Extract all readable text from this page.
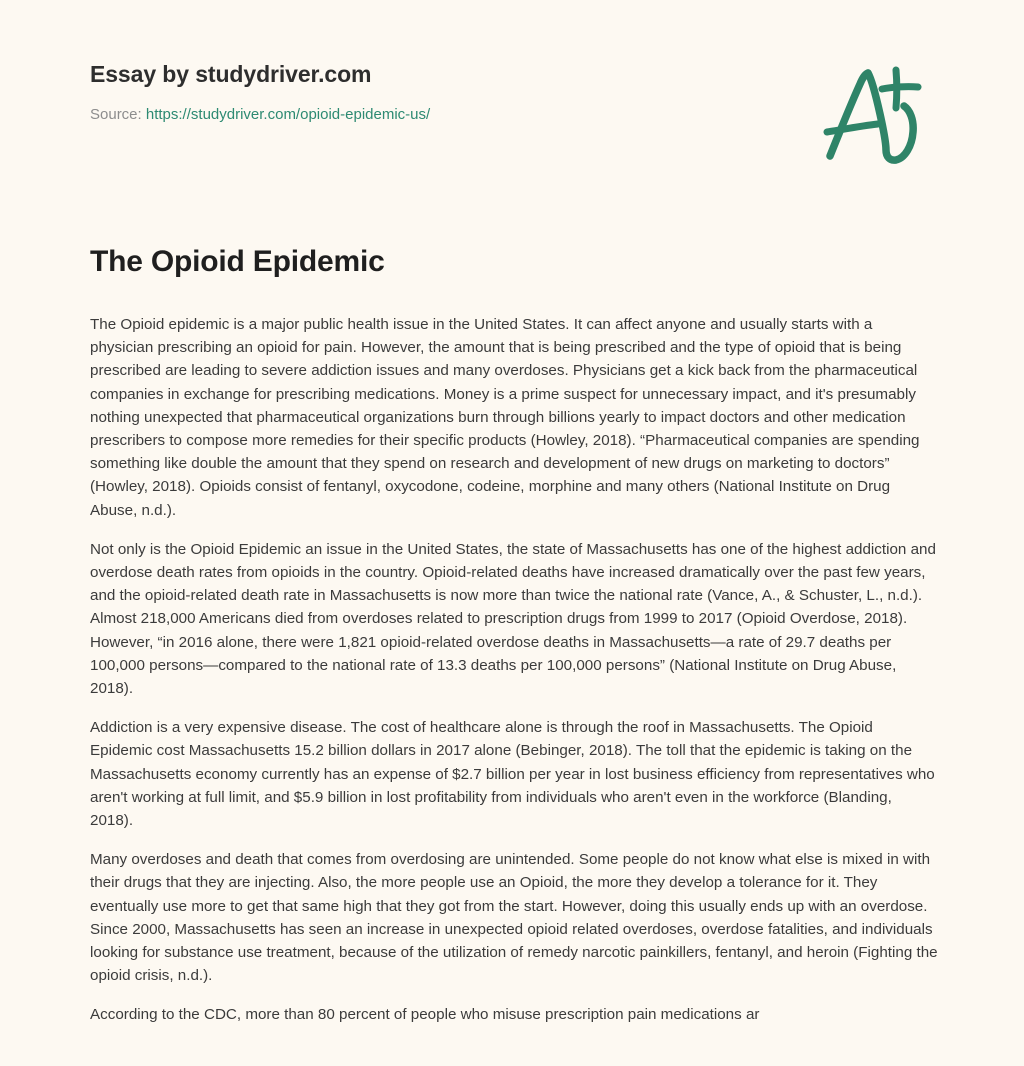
Essay by studydriver.com
Source: https://studydriver.com/opioid-epidemic-us/
The Opioid Epidemic

The Opioid epidemic is a major public health issue in the United States. It can affect anyone and usually starts with a physician prescribing an opioid for pain. However, the amount that is being prescribed and the type of opioid that is being prescribed are leading to severe addiction issues and many overdoses. Physicians get a kick back from the pharmaceutical companies in exchange for prescribing medications. Money is a prime suspect for unnecessary impact, and it's presumably nothing unexpected that pharmaceutical organizations burn through billions yearly to impact doctors and other medication prescribers to compose more remedies for their specific products (Howley, 2018). “Pharmaceutical companies are spending something like double the amount that they spend on research and development of new drugs on marketing to doctors” (Howley, 2018). Opioids consist of fentanyl, oxycodone, codeine, morphine and many others (National Institute on Drug Abuse, n.d.).

Not only is the Opioid Epidemic an issue in the United States, the state of Massachusetts has one of the highest addiction and overdose death rates from opioids in the country. Opioid-related deaths have increased dramatically over the past few years, and the opioid-related death rate in Massachusetts is now more than twice the national rate (Vance, A., & Schuster, L., n.d.). Almost 218,000 Americans died from overdoses related to prescription drugs from 1999 to 2017 (Opioid Overdose, 2018). However, “in 2016 alone, there were 1,821 opioid-related overdose deaths in Massachusetts—a rate of 29.7 deaths per 100,000 persons—compared to the national rate of 13.3 deaths per 100,000 persons” (National Institute on Drug Abuse, 2018).

Addiction is a very expensive disease. The cost of healthcare alone is through the roof in Massachusetts. The Opioid Epidemic cost Massachusetts 15.2 billion dollars in 2017 alone (Bebinger, 2018). The toll that the epidemic is taking on the Massachusetts economy currently has an expense of $2.7 billion per year in lost business efficiency from representatives who aren't working at full limit, and $5.9 billion in lost profitability from individuals who aren't even in the workforce (Blanding, 2018).

Many overdoses and death that comes from overdosing are unintended. Some people do not know what else is mixed in with their drugs that they are injecting. Also, the more people use an Opioid, the more they develop a tolerance for it. They eventually use more to get that same high that they got from the start. However, doing this usually ends up with an overdose. Since 2000, Massachusetts has seen an increase in unexpected opioid related overdoses, overdose fatalities, and individuals looking for substance use treatment, because of the utilization of remedy narcotic painkillers, fentanyl, and heroin (Fighting the opioid crisis, n.d.).

According to the CDC, more than 80 percent of people who misuse prescription pain medications ar
